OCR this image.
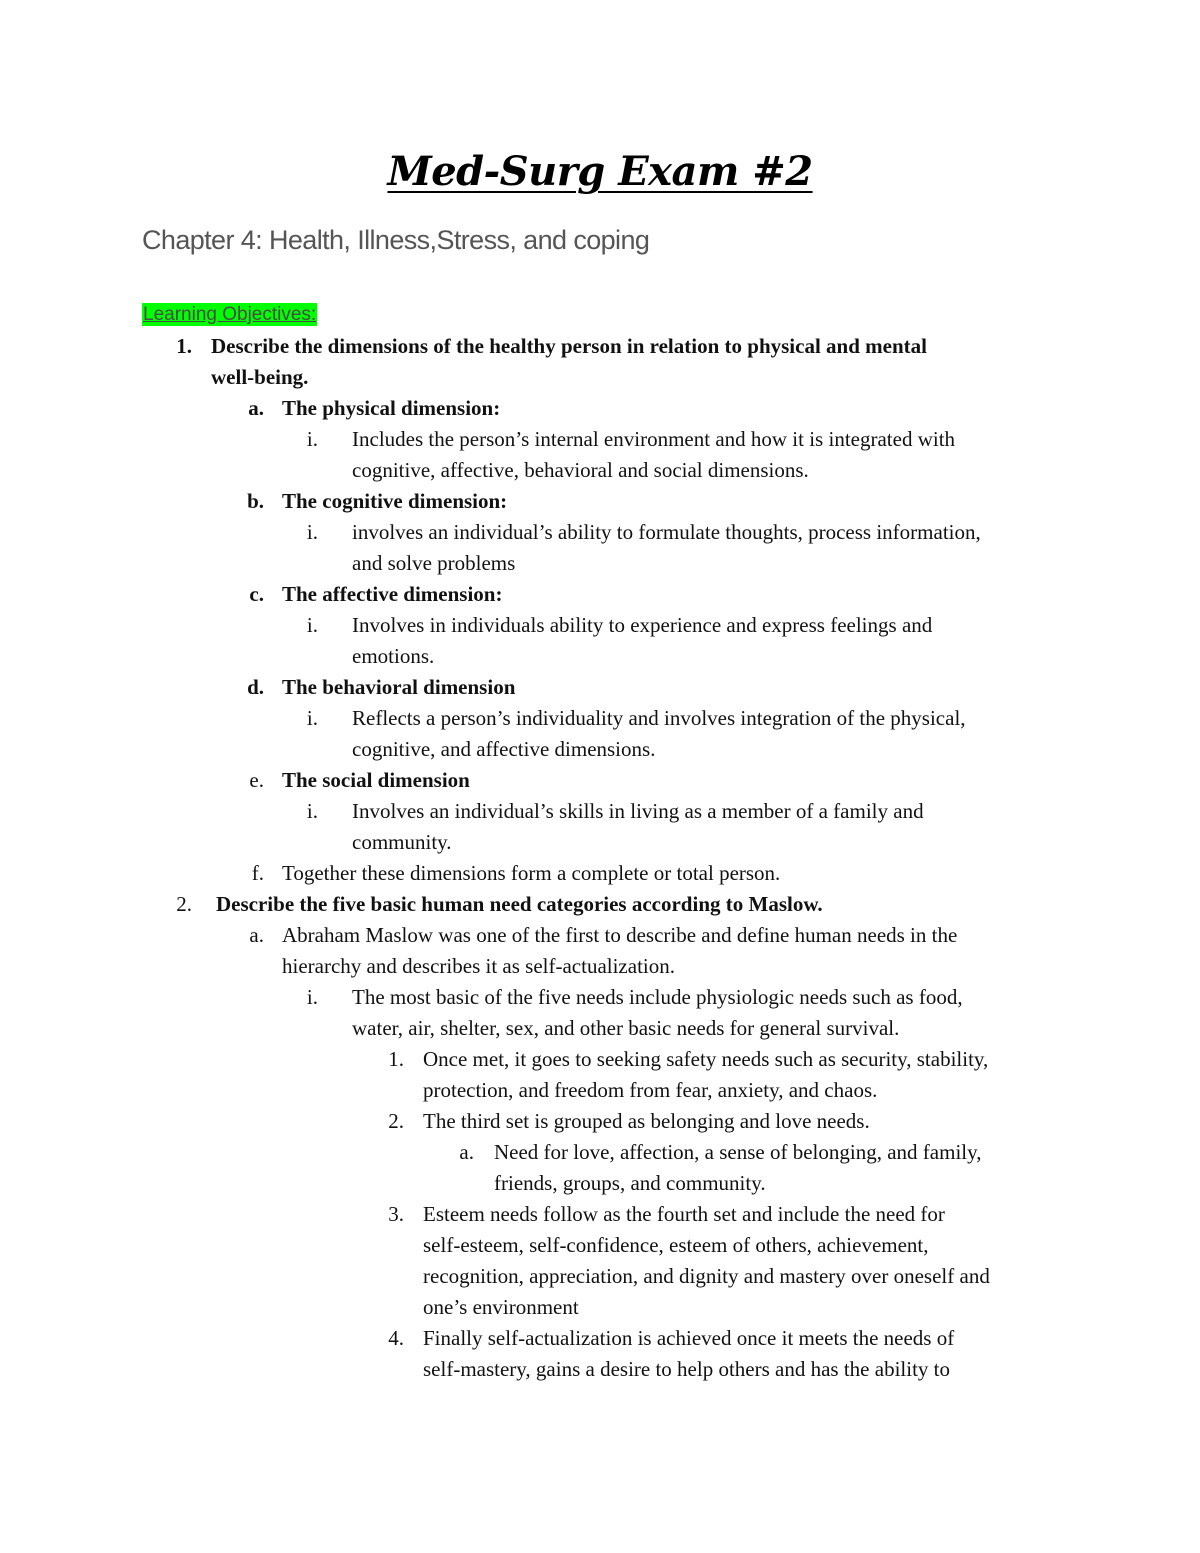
Med-Surg Exam #2
Chapter 4: Health, Illness,Stress, and coping
Learning Objectives:
1. Describe the dimensions of the healthy person in relation to physical and mental
well-being.
a. The physical dimension:
i. Includes the person’s internal environment and how it is integrated with
cognitive, affective, behavioral and social dimensions.
b. The cognitive dimension:
i. involves an individual’s ability to formulate thoughts, process information,
and solve problems
c. The affective dimension:
i. Involves in individuals ability to experience and express feelings and
emotions.
d. The behavioral dimension
i. Reflects a person’s individuality and involves integration of the physical,
cognitive, and affective dimensions.
e. The social dimension
i. Involves an individual’s skills in living as a member of a family and
community.
f. Together these dimensions form a complete or total person.
2. Describe the five basic human need categories according to Maslow.
a. Abraham Maslow was one of the first to describe and define human needs in the
hierarchy and describes it as self-actualization.
i. The most basic of the five needs include physiologic needs such as food,
water, air, shelter, sex, and other basic needs for general survival.
1. Once met, it goes to seeking safety needs such as security, stability,
protection, and freedom from fear, anxiety, and chaos.
2. The third set is grouped as belonging and love needs.
a. Need for love, affection, a sense of belonging, and family,
friends, groups, and community.
3. Esteem needs follow as the fourth set and include the need for
self-esteem, self-confidence, esteem of others, achievement,
recognition, appreciation, and dignity and mastery over oneself and
one’s environment
4. Finally self-actualization is achieved once it meets the needs of
self-mastery, gains a desire to help others and has the ability to
